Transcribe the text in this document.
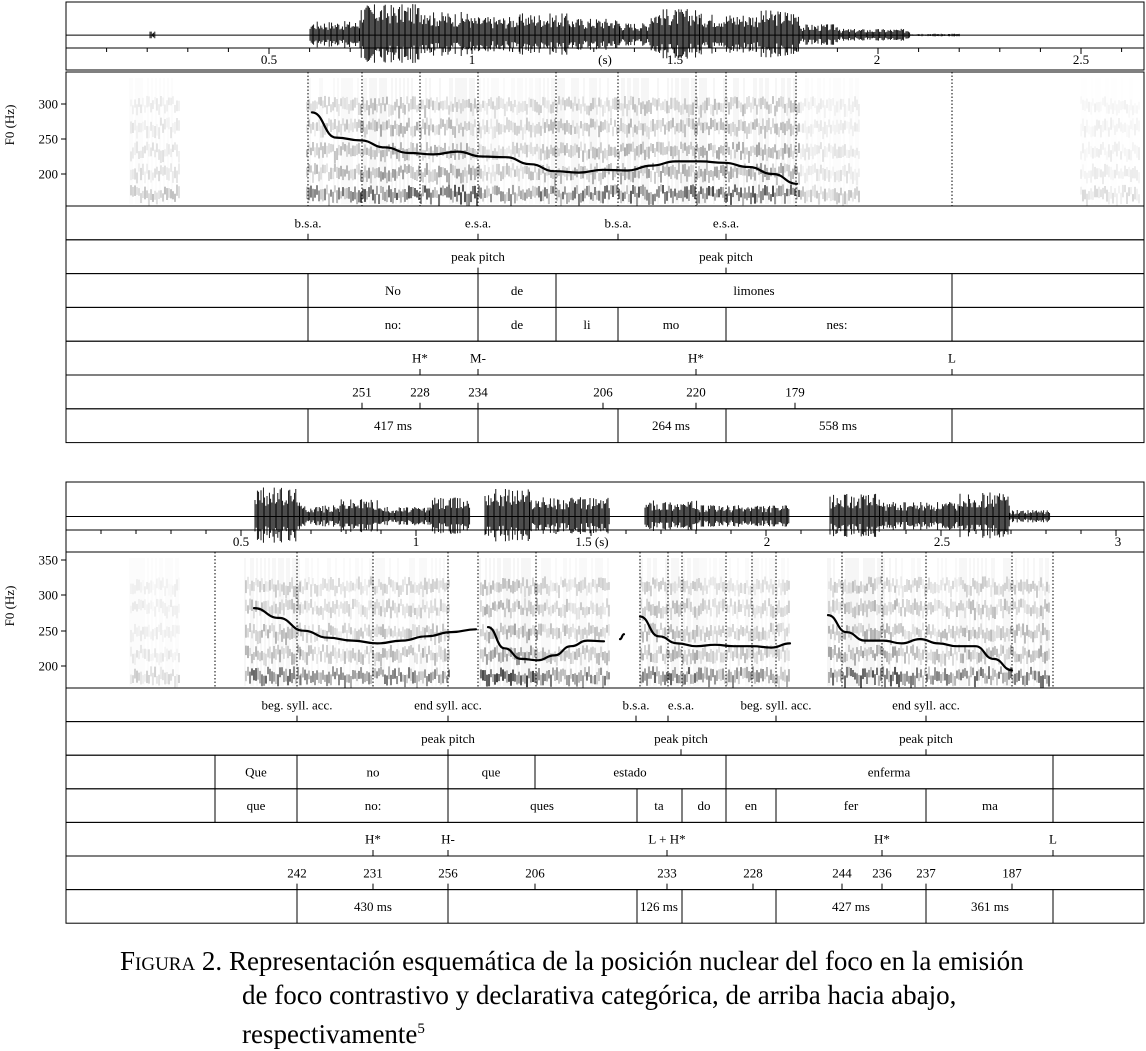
0.5	1	(s)	1.5	2	2.5
300
250
200
F0 (Hz)
b.s.a.	e.s.a.	b.s.a.	e.s.a.
peak pitch	peak pitch
No	de	limones
no:	de	li	mo	nes:
H*	M-	H*	L
251	228	234	206	220	179
417 ms	264 ms	558 ms
0.5	1	1.5 (s)	2	2.5	3
350
300
250
200
F0 (Hz)
beg. syll. acc.	end syll. acc.	b.s.a. e.s.a.	beg. syll. acc.	end syll. acc.
peak pitch	peak pitch	peak pitch
Que	no	que	estado	enferma
que	no:	ques	ta	do	en	fer	ma
H*	H-	L + H*	H*	L
242	231	256	206	233	228	244 236 237	187
430 ms	126 ms	427 ms	361 ms
Figura 2. Representación esquemática de la posición nuclear del foco en la emisión
de foco contrastivo y declarativa categórica, de arriba hacia abajo,
respectivamente$^5$
